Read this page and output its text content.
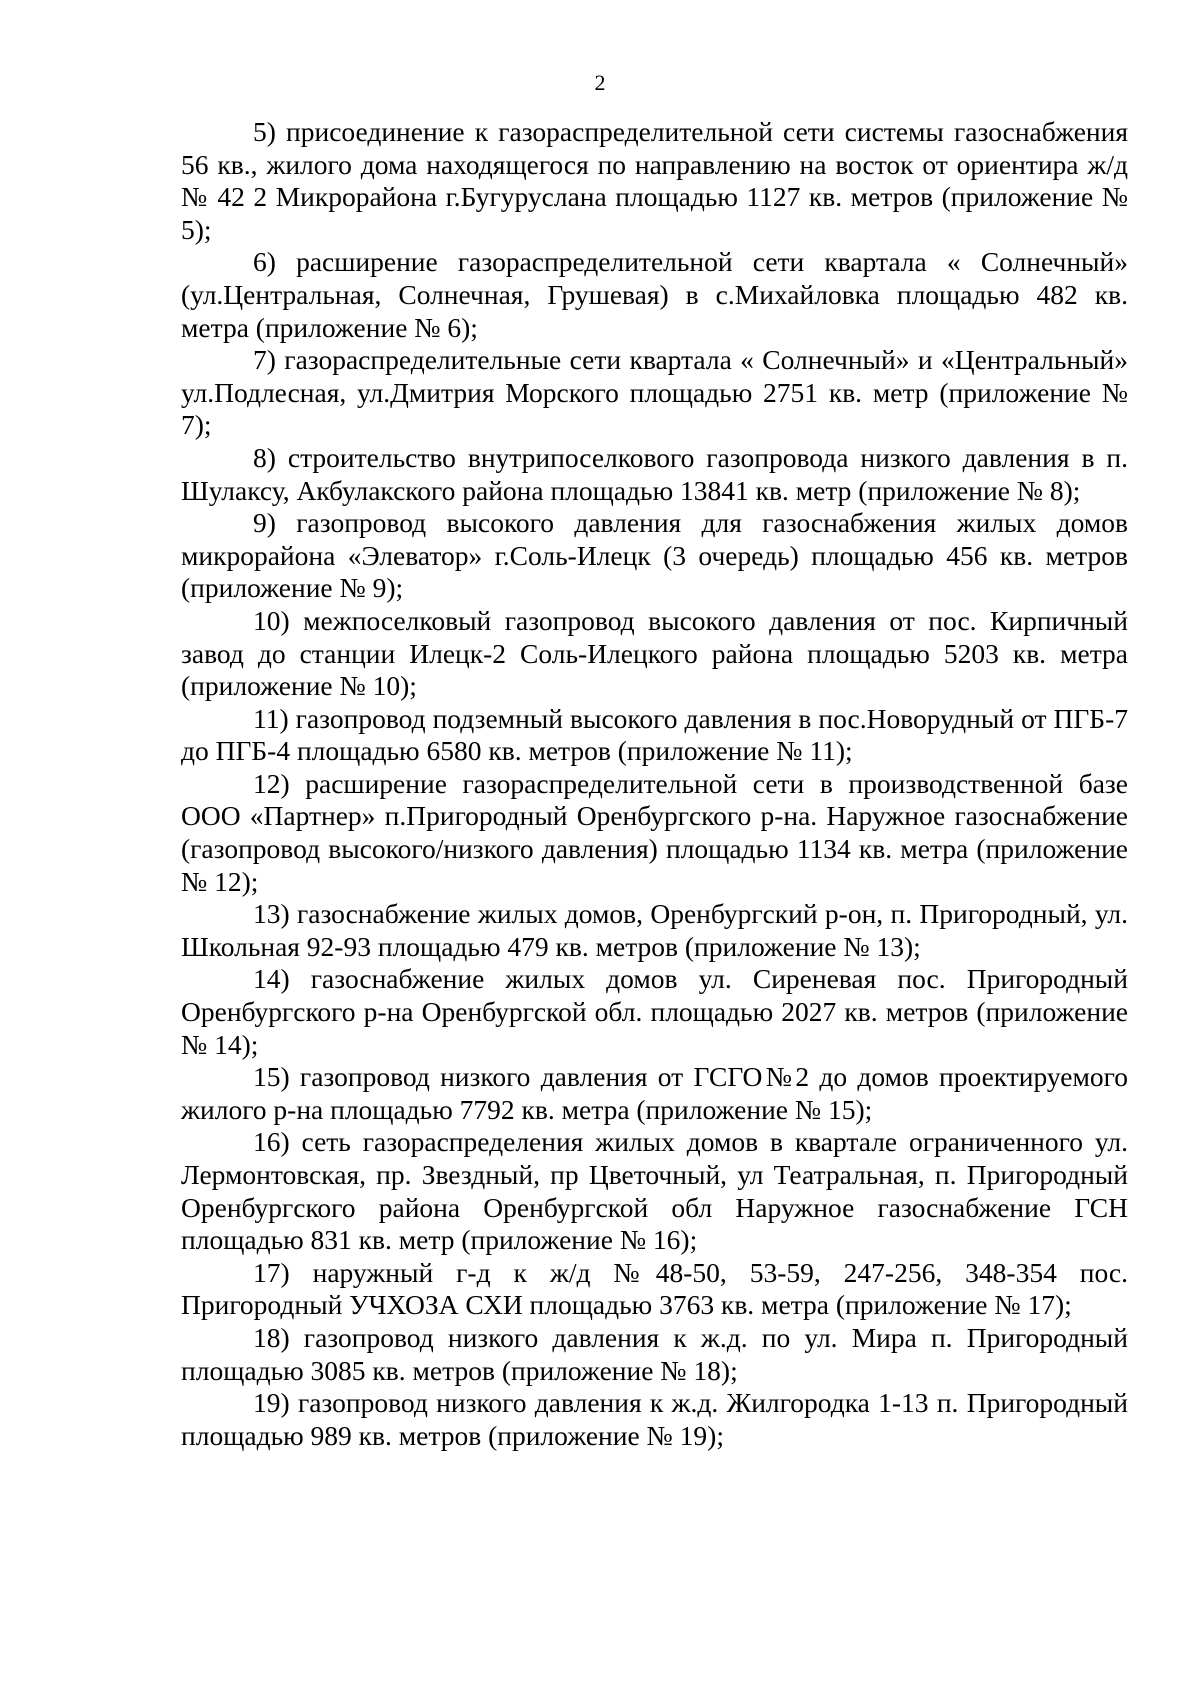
2

5) присоединение к газораспределительной сети системы газоснабжения 56 кв., жилого дома находящегося по направлению на восток от ориентира ж/д № 42 2 Микрорайона г.Бугуруслана площадью 1127 кв. метров (приложение № 5);

6) расширение газораспределительной сети квартала « Солнечный» (ул.Центральная, Солнечная, Грушевая) в с.Михайловка площадью 482 кв. метра (приложение № 6);

7) газораспределительные сети квартала « Солнечный» и «Центральный» ул.Подлесная, ул.Дмитрия Морского площадью 2751 кв. метр (приложение № 7);

8) строительство внутрипоселкового газопровода низкого давления в п. Шулаксу, Акбулакского района площадью 13841 кв. метр (приложение № 8);

9) газопровод высокого давления для газоснабжения жилых домов микрорайона «Элеватор» г.Соль-Илецк (3 очередь) площадью 456 кв. метров (приложение № 9);

10) межпоселковый газопровод высокого давления от пос. Кирпичный завод до станции Илецк-2 Соль-Илецкого района площадью 5203 кв. метра (приложение № 10);

11) газопровод подземный высокого давления в пос.Новорудный от ПГБ-7 до ПГБ-4 площадью 6580 кв. метров (приложение № 11);

12) расширение газораспределительной сети в производственной базе ООО «Партнер» п.Пригородный Оренбургского р-на. Наружное газоснабжение (газопровод высокого/низкого давления) площадью 1134 кв. метра (приложение № 12);

13) газоснабжение жилых домов, Оренбургский р-он, п. Пригородный, ул. Школьная 92-93 площадью 479 кв. метров (приложение № 13);

14) газоснабжение жилых домов ул. Сиреневая пос. Пригородный Оренбургского р-на Оренбургской обл. площадью 2027 кв. метров (приложение № 14);

15) газопровод низкого давления от ГСГО№2 до домов проектируемого жилого р-на площадью 7792 кв. метра (приложение № 15);

16) сеть газораспределения жилых домов в квартале ограниченного ул. Лермонтовская, пр. Звездный, пр Цветочный, ул Театральная, п. Пригородный Оренбургского района Оренбургской обл Наружное газоснабжение ГСН площадью 831 кв. метр (приложение № 16);

17) наружный г-д к ж/д №48-50, 53-59, 247-256, 348-354 пос. Пригородный УЧХОЗА СХИ площадью 3763 кв. метра (приложение № 17);

18) газопровод низкого давления к ж.д. по ул. Мира п. Пригородный площадью 3085 кв. метров (приложение № 18);

19) газопровод низкого давления к ж.д. Жилгородка 1-13 п. Пригородный площадью 989 кв. метров (приложение № 19);
